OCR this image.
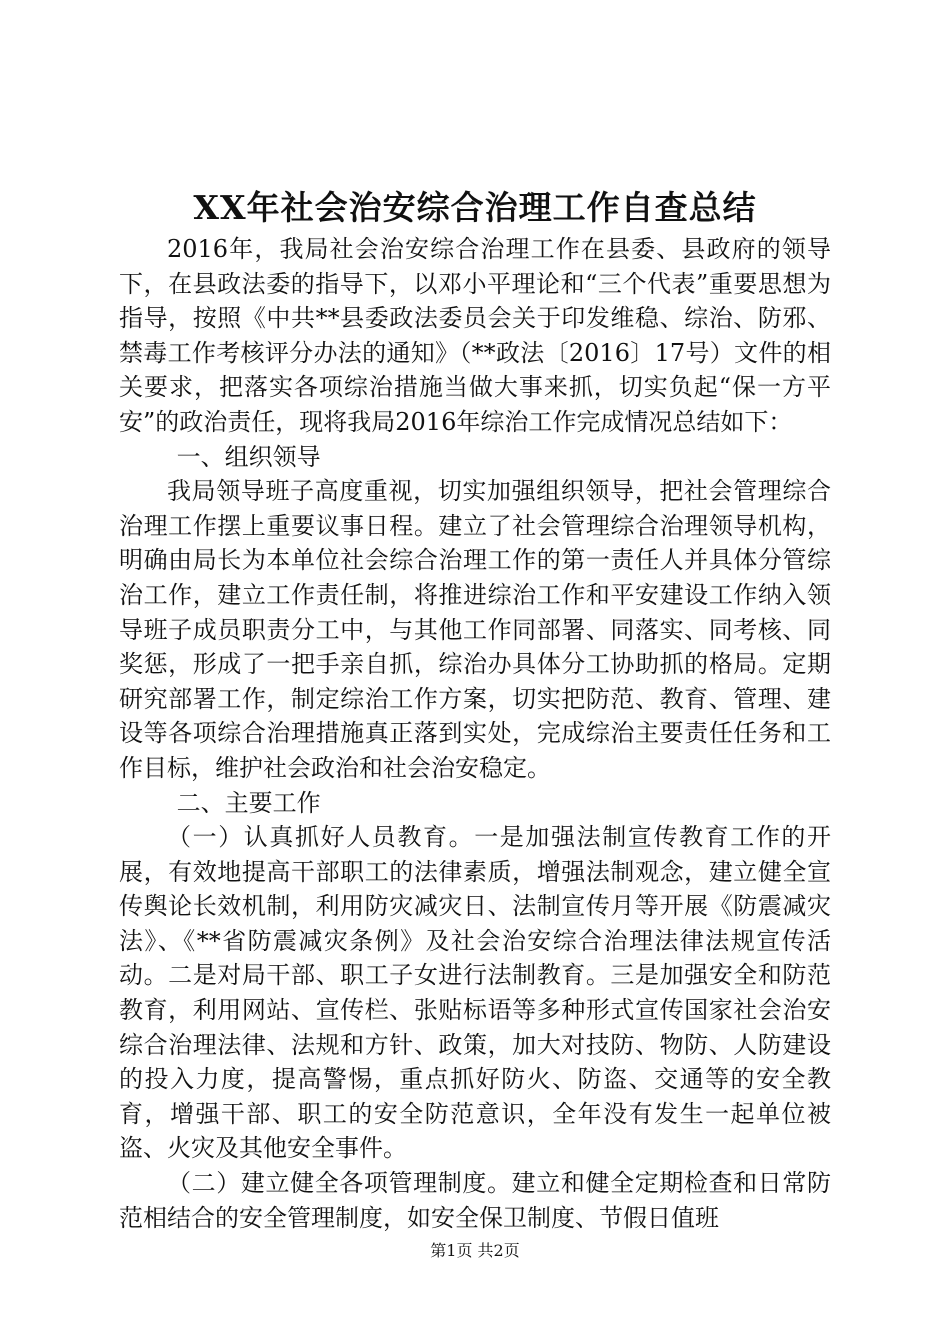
XX年社会治安综合治理工作自查总结

2016年，我局社会治安综合治理工作在县委、县政府的领导下，在县政法委的指导下，以邓小平理论和“三个代表”重要思想为指导，按照《中共**县委政法委员会关于印发维稳、综治、防邪、禁毒工作考核评分办法的通知》（**政法〔2016〕17号）文件的相关要求，把落实各项综治措施当做大事来抓，切实负起“保一方平安”的政治责任，现将我局2016年综治工作完成情况总结如下：

一、组织领导

我局领导班子高度重视，切实加强组织领导，把社会管理综合治理工作摆上重要议事日程。建立了社会管理综合治理领导机构，明确由局长为本单位社会综合治理工作的第一责任人并具体分管综治工作，建立工作责任制，将推进综治工作和平安建设工作纳入领导班子成员职责分工中，与其他工作同部署、同落实、同考核、同奖惩，形成了一把手亲自抓，综治办具体分工协助抓的格局。定期研究部署工作，制定综治工作方案，切实把防范、教育、管理、建设等各项综合治理措施真正落到实处，完成综治主要责任任务和工作目标，维护社会政治和社会治安稳定。

二、主要工作

（一）认真抓好人员教育。一是加强法制宣传教育工作的开展，有效地提高干部职工的法律素质，增强法制观念，建立健全宣传舆论长效机制，利用防灾减灾日、法制宣传月等开展《防震减灾法》、《**省防震减灾条例》及社会治安综合治理法律法规宣传活动。二是对局干部、职工子女进行法制教育。三是加强安全和防范教育，利用网站、宣传栏、张贴标语等多种形式宣传国家社会治安综合治理法律、法规和方针、政策，加大对技防、物防、人防建设的投入力度，提高警惕，重点抓好防火、防盗、交通等的安全教育，增强干部、职工的安全防范意识，全年没有发生一起单位被盗、火灾及其他安全事件。

（二）建立健全各项管理制度。建立和健全定期检查和日常防范相结合的安全管理制度，如安全保卫制度、节假日值班

第1页 共2页
